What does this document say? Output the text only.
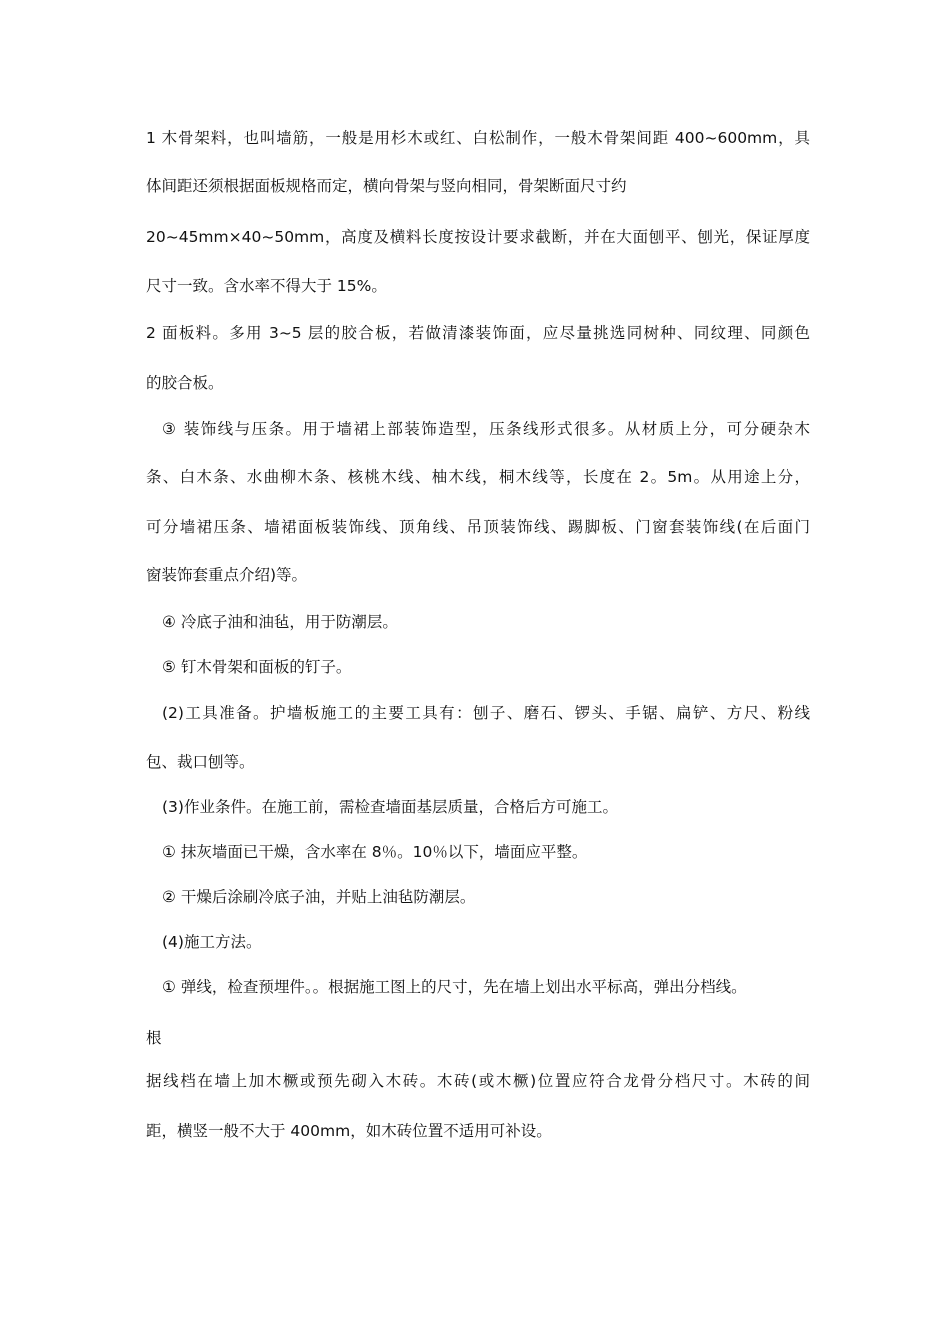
1 木骨架料，也叫墙筋，一般是用杉木或红、白松制作，一般木骨架间距 400~600mm，具
体间距还须根据面板规格而定，横向骨架与竖向相同，骨架断面尺寸约
20~45mm×40~50mm，高度及横料长度按设计要求截断，并在大面刨平、刨光，保证厚度
尺寸一致。含水率不得大于 15%。
2 面板料。多用 3~5 层的胶合板，若做清漆装饰面，应尽量挑选同树种、同纹理、同颜色
的胶合板。
③ 装饰线与压条。用于墙裙上部装饰造型，压条线形式很多。从材质上分，可分硬杂木
条、白木条、水曲柳木条、核桃木线、柚木线，桐木线等，长度在 2。5m。从用途上分，
可分墙裙压条、墙裙面板装饰线、顶角线、吊顶装饰线、踢脚板、门窗套装饰线(在后面门
窗装饰套重点介绍)等。
④ 冷底子油和油毡，用于防潮层。
⑤ 钉木骨架和面板的钉子。
(2)工具准备。护墙板施工的主要工具有：刨子、磨石、锣头、手锯、扁铲、方尺、粉线
包、裁口刨等。
(3)作业条件。在施工前，需检查墙面基层质量，合格后方可施工。
① 抹灰墙面已干燥，含水率在 8％。10％以下，墙面应平整。
② 干燥后涂刷冷底子油，并贴上油毡防潮层。
(4)施工方法。
① 弹线，检查预埋件。。根据施工图上的尺寸，先在墙上划出水平标高，弹出分档线。
根
据线档在墙上加木橛或预先砌入木砖。木砖(或木橛)位置应符合龙骨分档尺寸。木砖的间
距，横竖一般不大于 400mm，如木砖位置不适用可补设。
